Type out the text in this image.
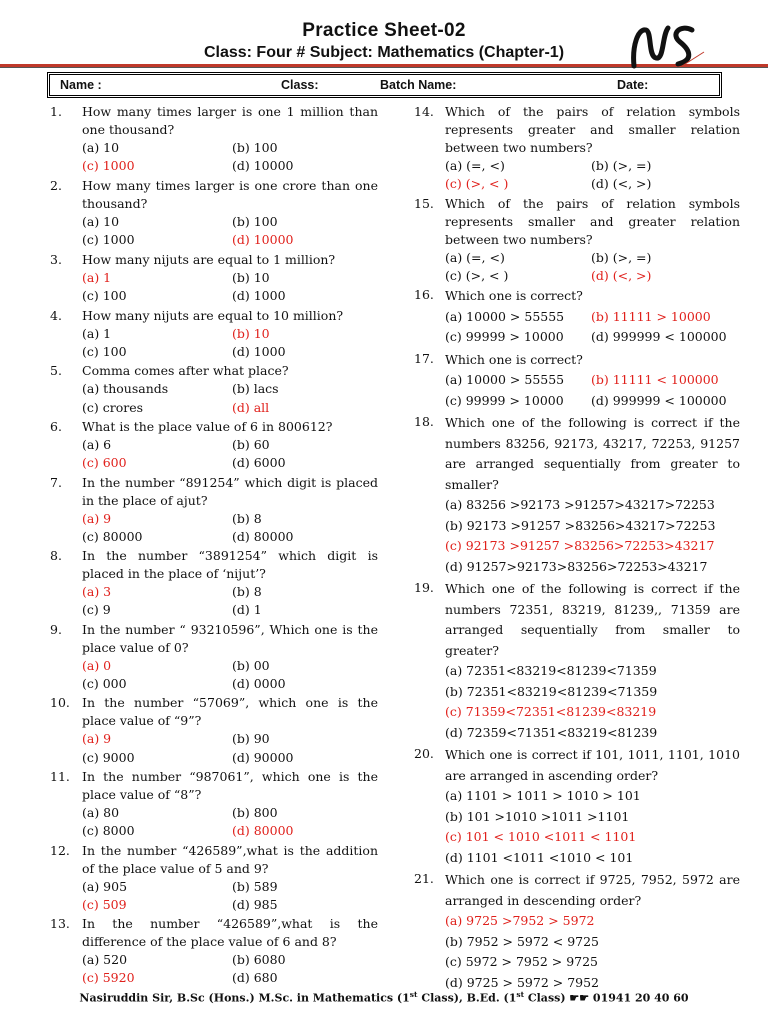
Practice Sheet-02
Class: Four # Subject: Mathematics (Chapter-1)
Name :	Class:	Batch Name:	Date:
1. How many times larger is one 1 million than one thousand?
(a) 10	(b) 100
(c) 1000	(d) 10000
2. How many times larger is one crore than one thousand?
(a) 10	(b) 100
(c) 1000	(d) 10000
3. How many nijuts are equal to 1 million?
(a) 1	(b) 10
(c) 100	(d) 1000
4. How many nijuts are equal to 10 million?
(a) 1	(b) 10
(c) 100	(d) 1000
5. Comma comes after what place?
(a) thousands	(b) lacs
(c) crores	(d) all
6. What is the place value of 6 in 800612?
(a) 6	(b) 60
(c) 600	(d) 6000
7. In the number “891254” which digit is placed in the place of ajut?
(a) 9	(b) 8
(c) 80000	(d) 80000
8. In the number “3891254” which digit is placed in the place of ‘nijut’?
(a) 3	(b) 8
(c) 9	(d) 1
9. In the number “ 93210596”, Which one is the place value of 0?
(a) 0	(b) 00
(c) 000	(d) 0000
10. In the number “57069”, which one is the place value of “9”?
(a) 9	(b) 90
(c) 9000	(d) 90000
11. In the number “987061”, which one is the place value of “8”?
(a) 80	(b) 800
(c) 8000	(d) 80000
12. In the number “426589”,what is the addition of the place value of 5 and 9?
(a) 905	(b) 589
(c) 509	(d) 985
13. In the number “426589”,what is the difference of the place value of 6 and 8?
(a) 520	(b) 6080
(c) 5920	(d) 680
14. Which of the pairs of relation symbols represents greater and smaller relation between two numbers?
(a) (=, <)	(b) (>, =)
(c) (>, < )	(d) (<, >)
15. Which of the pairs of relation symbols represents smaller and greater relation between two numbers?
(a) (=, <)	(b) (>, =)
(c) (>, < )	(d) (<, >)
16. Which one is correct?
(a) 10000 > 55555	(b) 11111 > 10000
(c) 99999 > 10000	(d) 999999 < 100000
17. Which one is correct?
(a) 10000 > 55555	(b) 11111 < 100000
(c) 99999 > 10000	(d) 999999 < 100000
18. Which one of the following is correct if the numbers 83256, 92173, 43217, 72253, 91257 are arranged sequentially from greater to smaller?
(a) 83256 >92173 >91257>43217>72253
(b) 92173 >91257 >83256>43217>72253
(c) 92173 >91257 >83256>72253>43217
(d) 91257>92173>83256>72253>43217
19. Which one of the following is correct if the numbers 72351, 83219, 81239,, 71359 are arranged sequentially from smaller to greater?
(a) 72351<83219<81239<71359
(b) 72351<83219<81239<71359
(c) 71359<72351<81239<83219
(d) 72359<71351<83219<81239
20. Which one is correct if 101, 1011, 1101, 1010 are arranged in ascending order?
(a) 1101 > 1011 > 1010 > 101
(b) 101 >1010 >1011 >1101
(c) 101 < 1010 <1011 < 1101
(d) 1101 <1011 <1010 < 101
21. Which one is correct if 9725, 7952, 5972 are arranged in descending order?
(a) 9725 >7952 > 5972
(b) 7952 > 5972 < 9725
(c) 5972 > 7952 > 9725
(d) 9725 > 5972 > 7952
Nasiruddin Sir, B.Sc (Hons.) M.Sc. in Mathematics (1st Class), B.Ed. (1st Class) ☛☛ 01941 20 40 60
